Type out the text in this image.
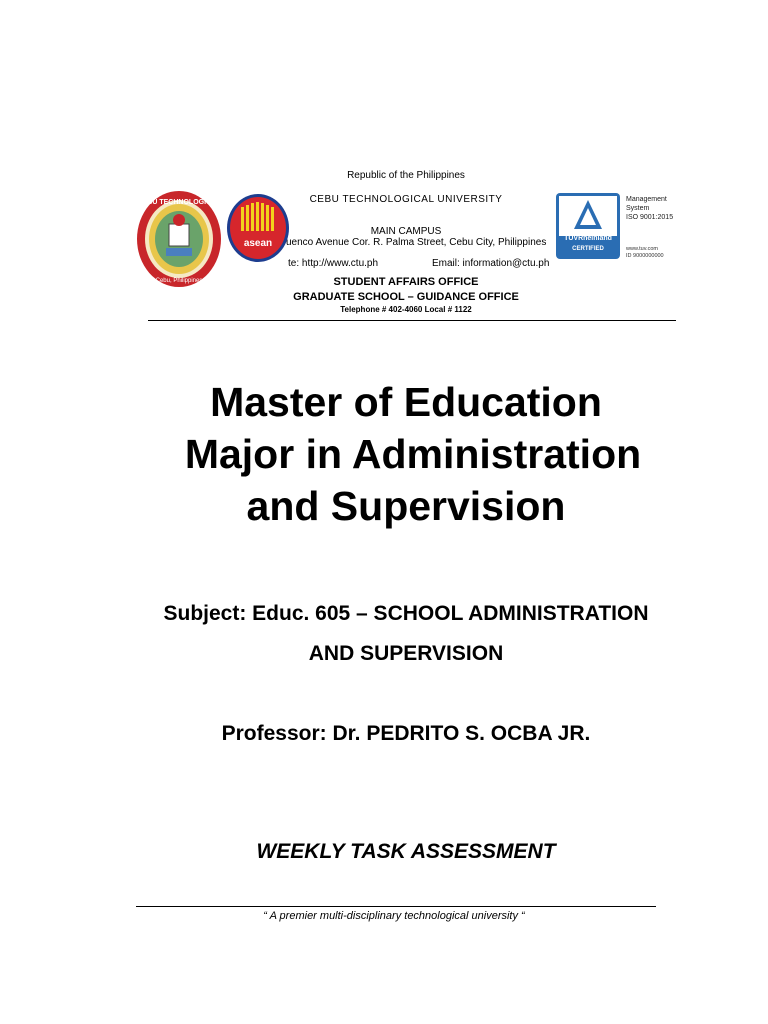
Republic of the Philippines
CEBU TECHNOLOGICAL UNIVERSITY
MAIN CAMPUS
uenco Avenue Cor. R. Palma Street, Cebu City, Philippines
te: http://www.ctu.ph	Email: information@ctu.ph
STUDENT AFFAIRS OFFICE
GRADUATE SCHOOL – GUIDANCE OFFICE
Telephone # 402-4060 Local # 1122
CEBU TECHNOLOGICAL
Cebu, Philippines
asean	TÜVRheinland
CERTIFIED
Management
System
ISO 9001:2015
www.tuv.com
ID 9000000000
Master of Education
Major in Administration
and Supervision
Subject: Educ. 605 – SCHOOL ADMINISTRATION
AND SUPERVISION
Professor: Dr. PEDRITO S. OCBA JR.
WEEKLY TASK ASSESSMENT
“ A premier multi-disciplinary technological university “
